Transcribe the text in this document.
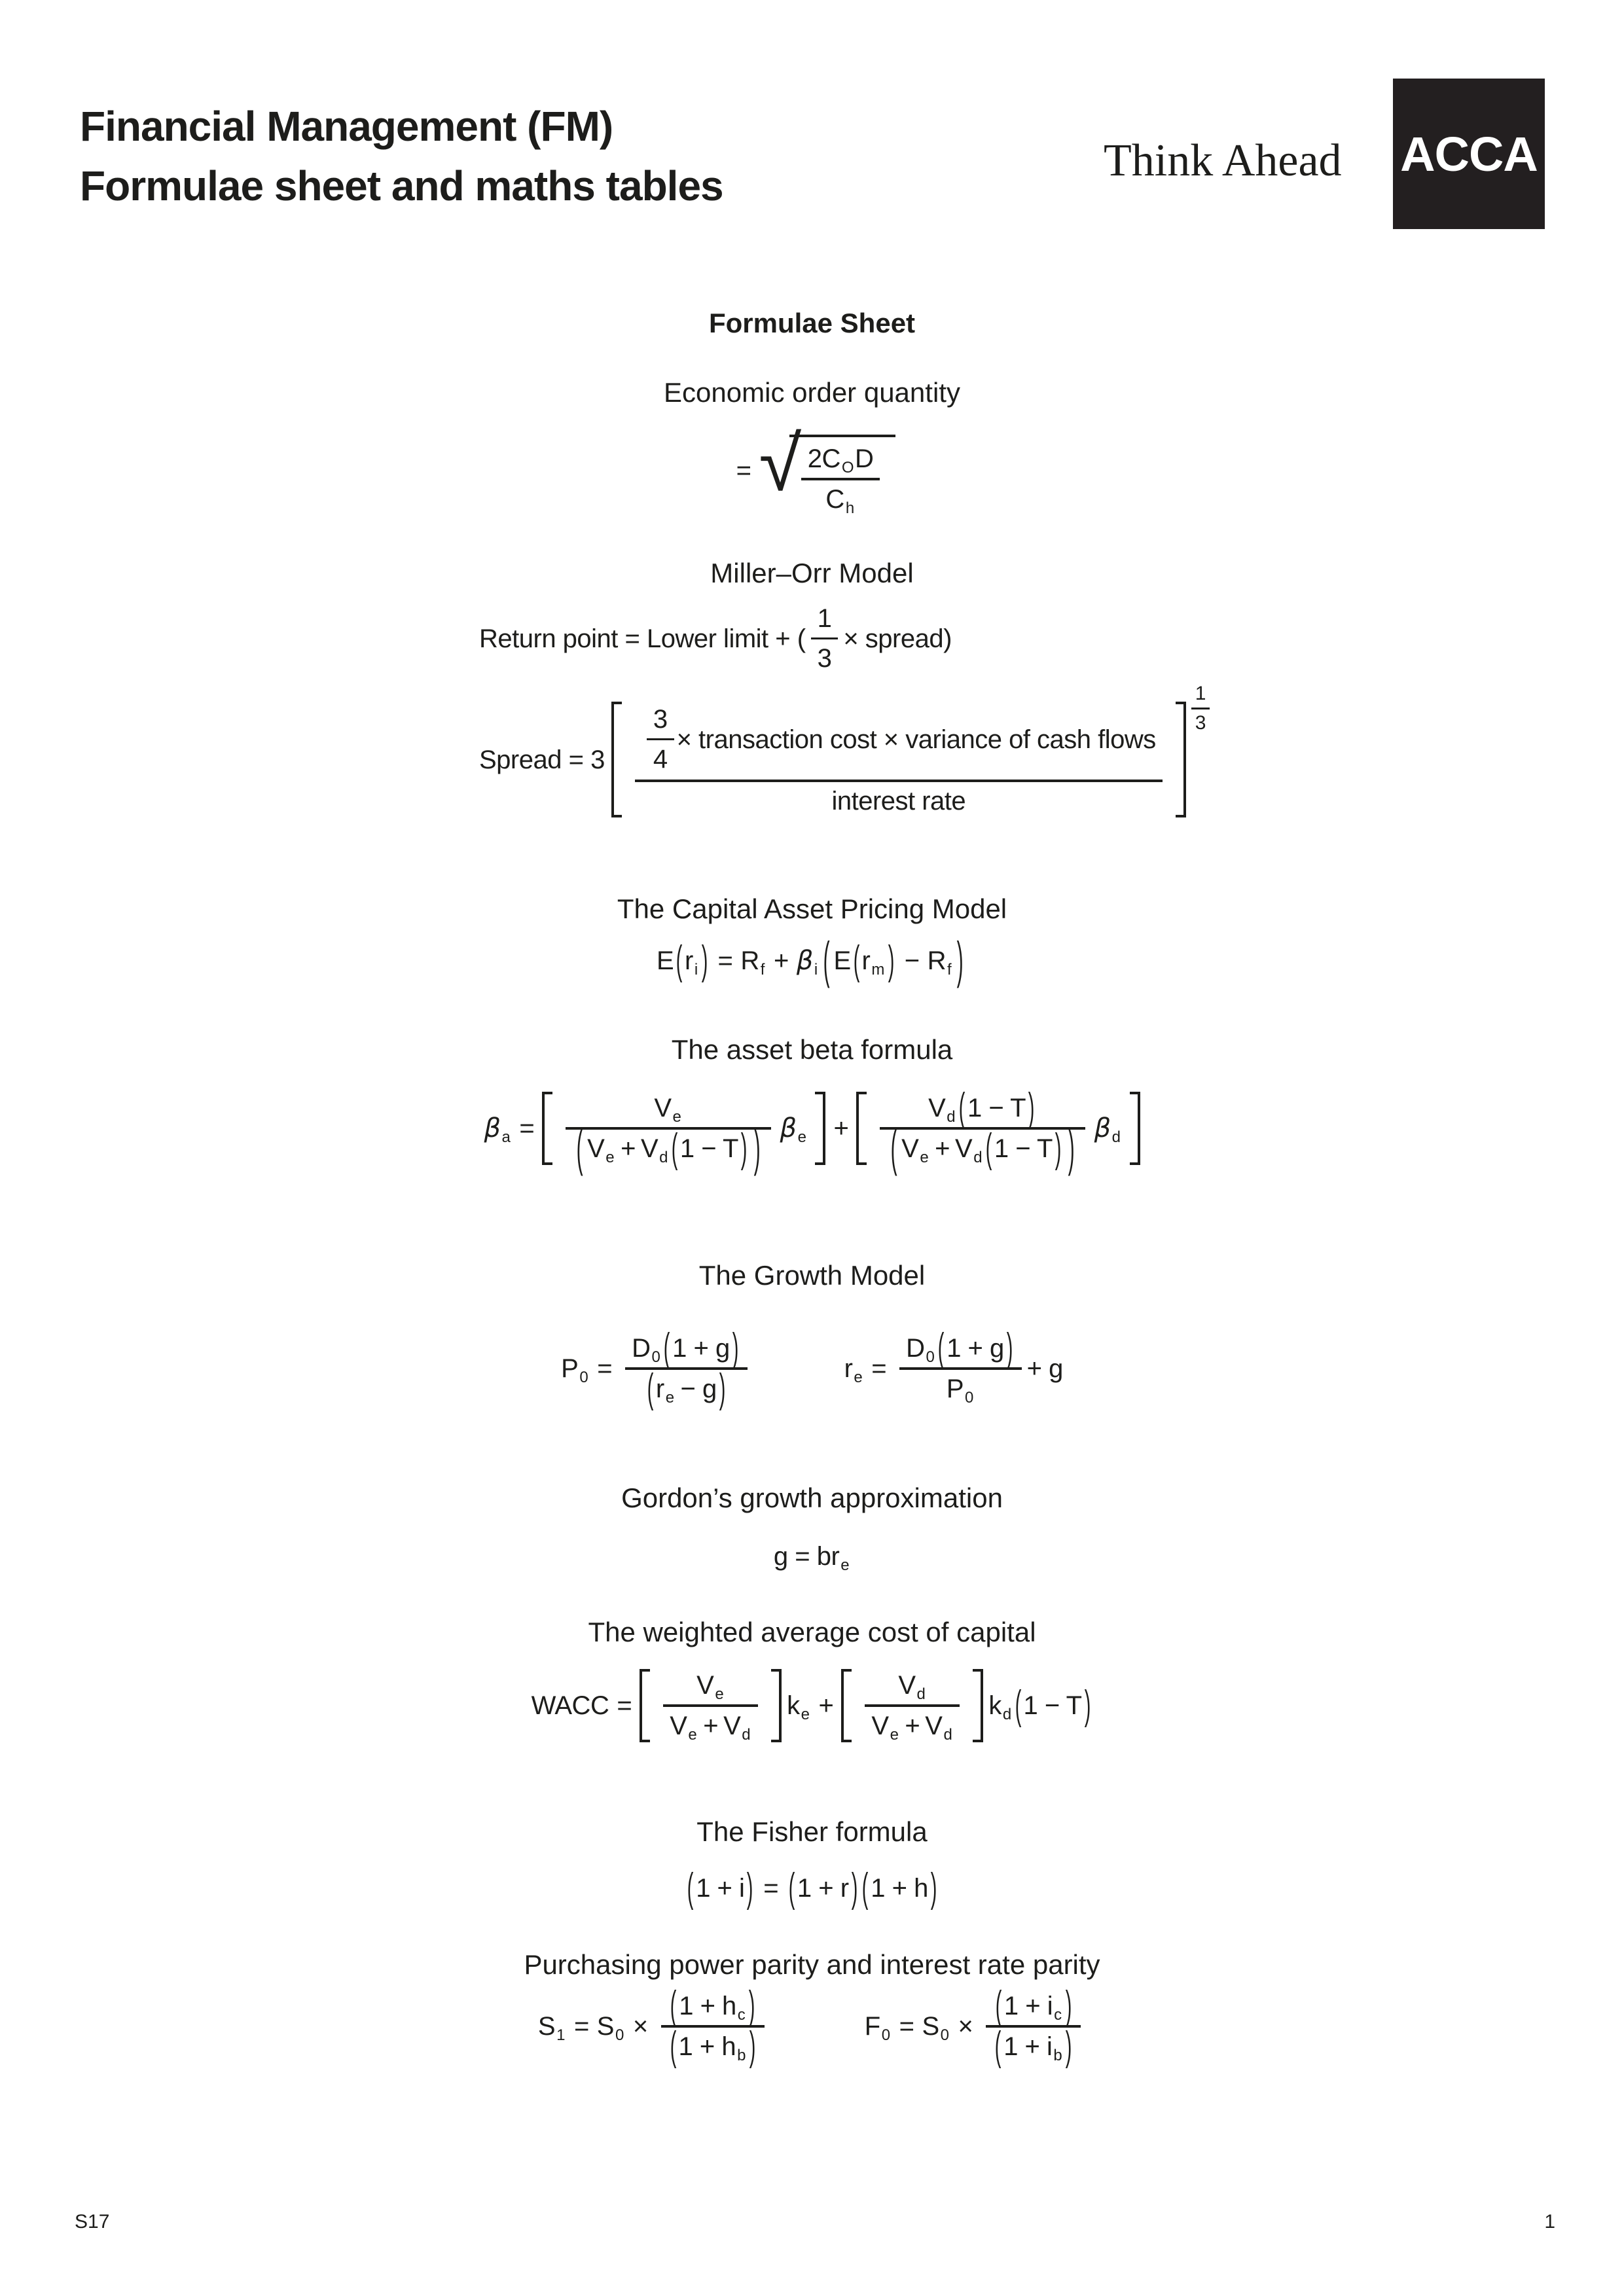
Financial Management (FM)
Formulae sheet and maths tables	Think Ahead ACCA
Formulae Sheet
Economic order quantity
= √ 2COD
Ch
Miller–Orr Model
Return point = Lower limit + ( $\frac{1}{3}$ × spread)
Spread = $3 \frac{3}{4}$ × transaction cost × variance of cash flows
interest rate
$\frac{1}{3}$
The Capital Asset Pricing Model
E ( ri ) = Rf + βi ( E ( rm ) − Rf )
The asset beta formula
βa =
Ve
( Ve + Vd ( 1 − T ) ) βe +
Vd ( 1 − T )
( Ve + Vd ( 1 − T ) ) βd
The Growth Model
$P0 = \frac{D0 ( 1 + g )}{( re - g )}$	re = $\frac{D0 ( 1 + g )}{P0} + g$
Gordon’s growth approximation
g = bre
The weighted average cost of capital
WACC = $\frac{Ve}{Ve + Vd}$ ke + $\frac{Vd}{Ve + Vd}$ kd ( 1 − T )
The Fisher formula
( 1 + i ) = ( 1 + r ) ( 1 + h )
Purchasing power parity and interest rate parity
$S1 = S0 \times \frac{( 1 + hc )}{( 1 + hb )}$	$F0 = S0 \times \frac{( 1 + ic )}{( 1 + ib )}$
S17	1
